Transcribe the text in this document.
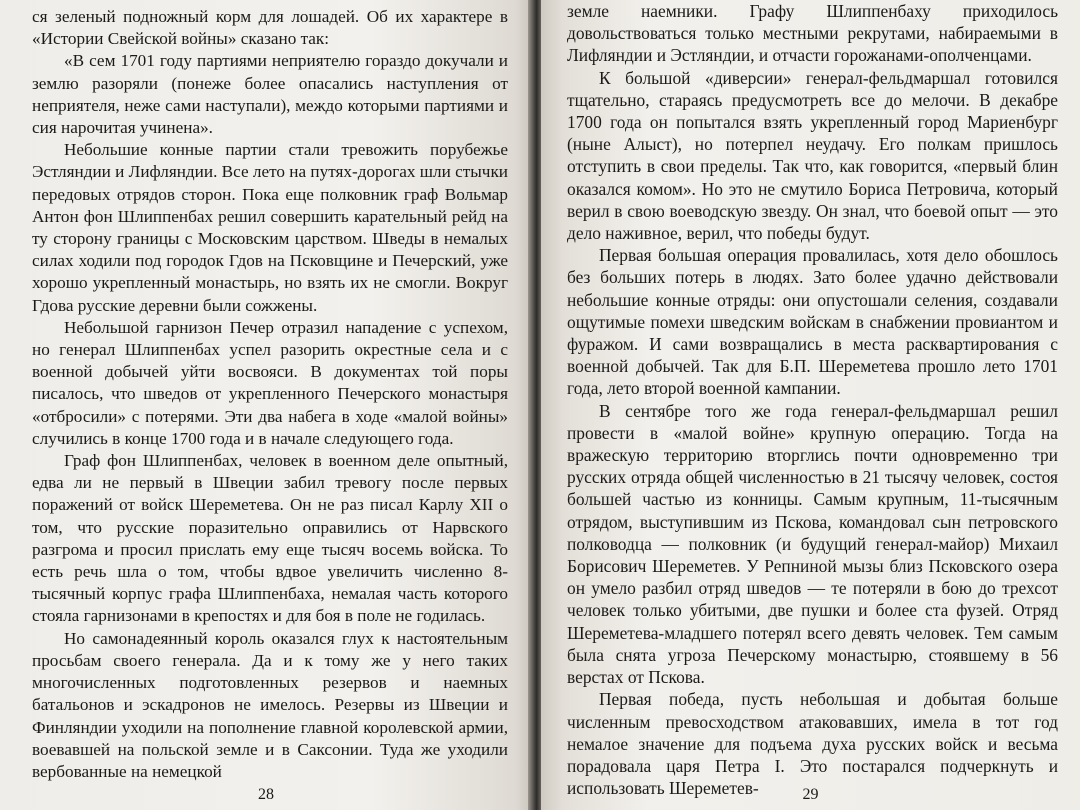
ся зеленый подножный корм для лошадей. Об их характере в «Истории Свейской войны» сказано так:

«В сем 1701 году партиями неприятелю гораздо докучали и землю разоряли (понеже более опасались наступления от неприятеля, неже сами наступали), междо которыми партиями и сия нарочитая учинена».

Небольшие конные партии стали тревожить порубежье Эстляндии и Лифляндии. Все лето на путях-дорогах шли стычки передовых отрядов сторон. Пока еще полковник граф Вольмар Антон фон Шлиппенбах решил совершить карательный рейд на ту сторону границы с Московским царством. Шведы в немалых силах ходили под городок Гдов на Псковщине и Печерский, уже хорошо укрепленный монастырь, но взять их не смогли. Вокруг Гдова русские деревни были сожжены.

Небольшой гарнизон Печер отразил нападение с успехом, но генерал Шлиппенбах успел разорить окрестные села и с военной добычей уйти восвояси. В документах той поры писалось, что шведов от укрепленного Печерского монастыря «отбросили» с потерями. Эти два набега в ходе «малой войны» случились в конце 1700 года и в начале следующего года.

Граф фон Шлиппенбах, человек в военном деле опытный, едва ли не первый в Швеции забил тревогу после первых поражений от войск Шереметева. Он не раз писал Карлу XII о том, что русские поразительно оправились от Нарвского разгрома и просил прислать ему еще тысяч восемь войска. То есть речь шла о том, чтобы вдвое увеличить численно 8-тысячный корпус графа Шлиппенбаха, немалая часть которого стояла гарнизонами в крепостях и для боя в поле не годилась.

Но самонадеянный король оказался глух к настоятельным просьбам своего генерала. Да и к тому же у него таких многочисленных подготовленных резервов и наемных батальонов и эскадронов не имелось. Резервы из Швеции и Финляндии уходили на пополнение главной королевской армии, воевавшей на польской земле и в Саксонии. Туда же уходили вербованные на немецкой

28

земле наемники. Графу Шлиппенбаху приходилось довольствоваться только местными рекрутами, набираемыми в Лифляндии и Эстляндии, и отчасти горожанами-ополченцами.

К большой «диверсии» генерал-фельдмаршал готовился тщательно, стараясь предусмотреть все до мелочи. В декабре 1700 года он попытался взять укрепленный город Мариенбург (ныне Алыст), но потерпел неудачу. Его полкам пришлось отступить в свои пределы. Так что, как говорится, «первый блин оказался комом». Но это не смутило Бориса Петровича, который верил в свою воеводскую звезду. Он знал, что боевой опыт — это дело наживное, верил, что победы будут.

Первая большая операция провалилась, хотя дело обошлось без больших потерь в людях. Зато более удачно действовали небольшие конные отряды: они опустошали селения, создавали ощутимые помехи шведским войскам в снабжении провиантом и фуражом. И сами возвращались в места расквартирования с военной добычей. Так для Б.П. Шереметева прошло лето 1701 года, лето второй военной кампании.

В сентябре того же года генерал-фельдмаршал решил провести в «малой войне» крупную операцию. Тогда на вражескую территорию вторглись почти одновременно три русских отряда общей численностью в 21 тысячу человек, состоя большей частью из конницы. Самым крупным, 11-тысячным отрядом, выступившим из Пскова, командовал сын петровского полководца — полковник (и будущий генерал-майор) Михаил Борисович Шереметев. У Репниной мызы близ Псковского озера он умело разбил отряд шведов — те потеряли в бою до трехсот человек только убитыми, две пушки и более ста фузей. Отряд Шереметева-младшего потерял всего девять человек. Тем самым была снята угроза Печерскому монастырю, стоявшему в 56 верстах от Пскова.

Первая победа, пусть небольшая и добытая больше численным превосходством атаковавших, имела в тот год немалое значение для подъема духа русских войск и весьма порадовала царя Петра I. Это постарался подчеркнуть и использовать Шереметев-	29
